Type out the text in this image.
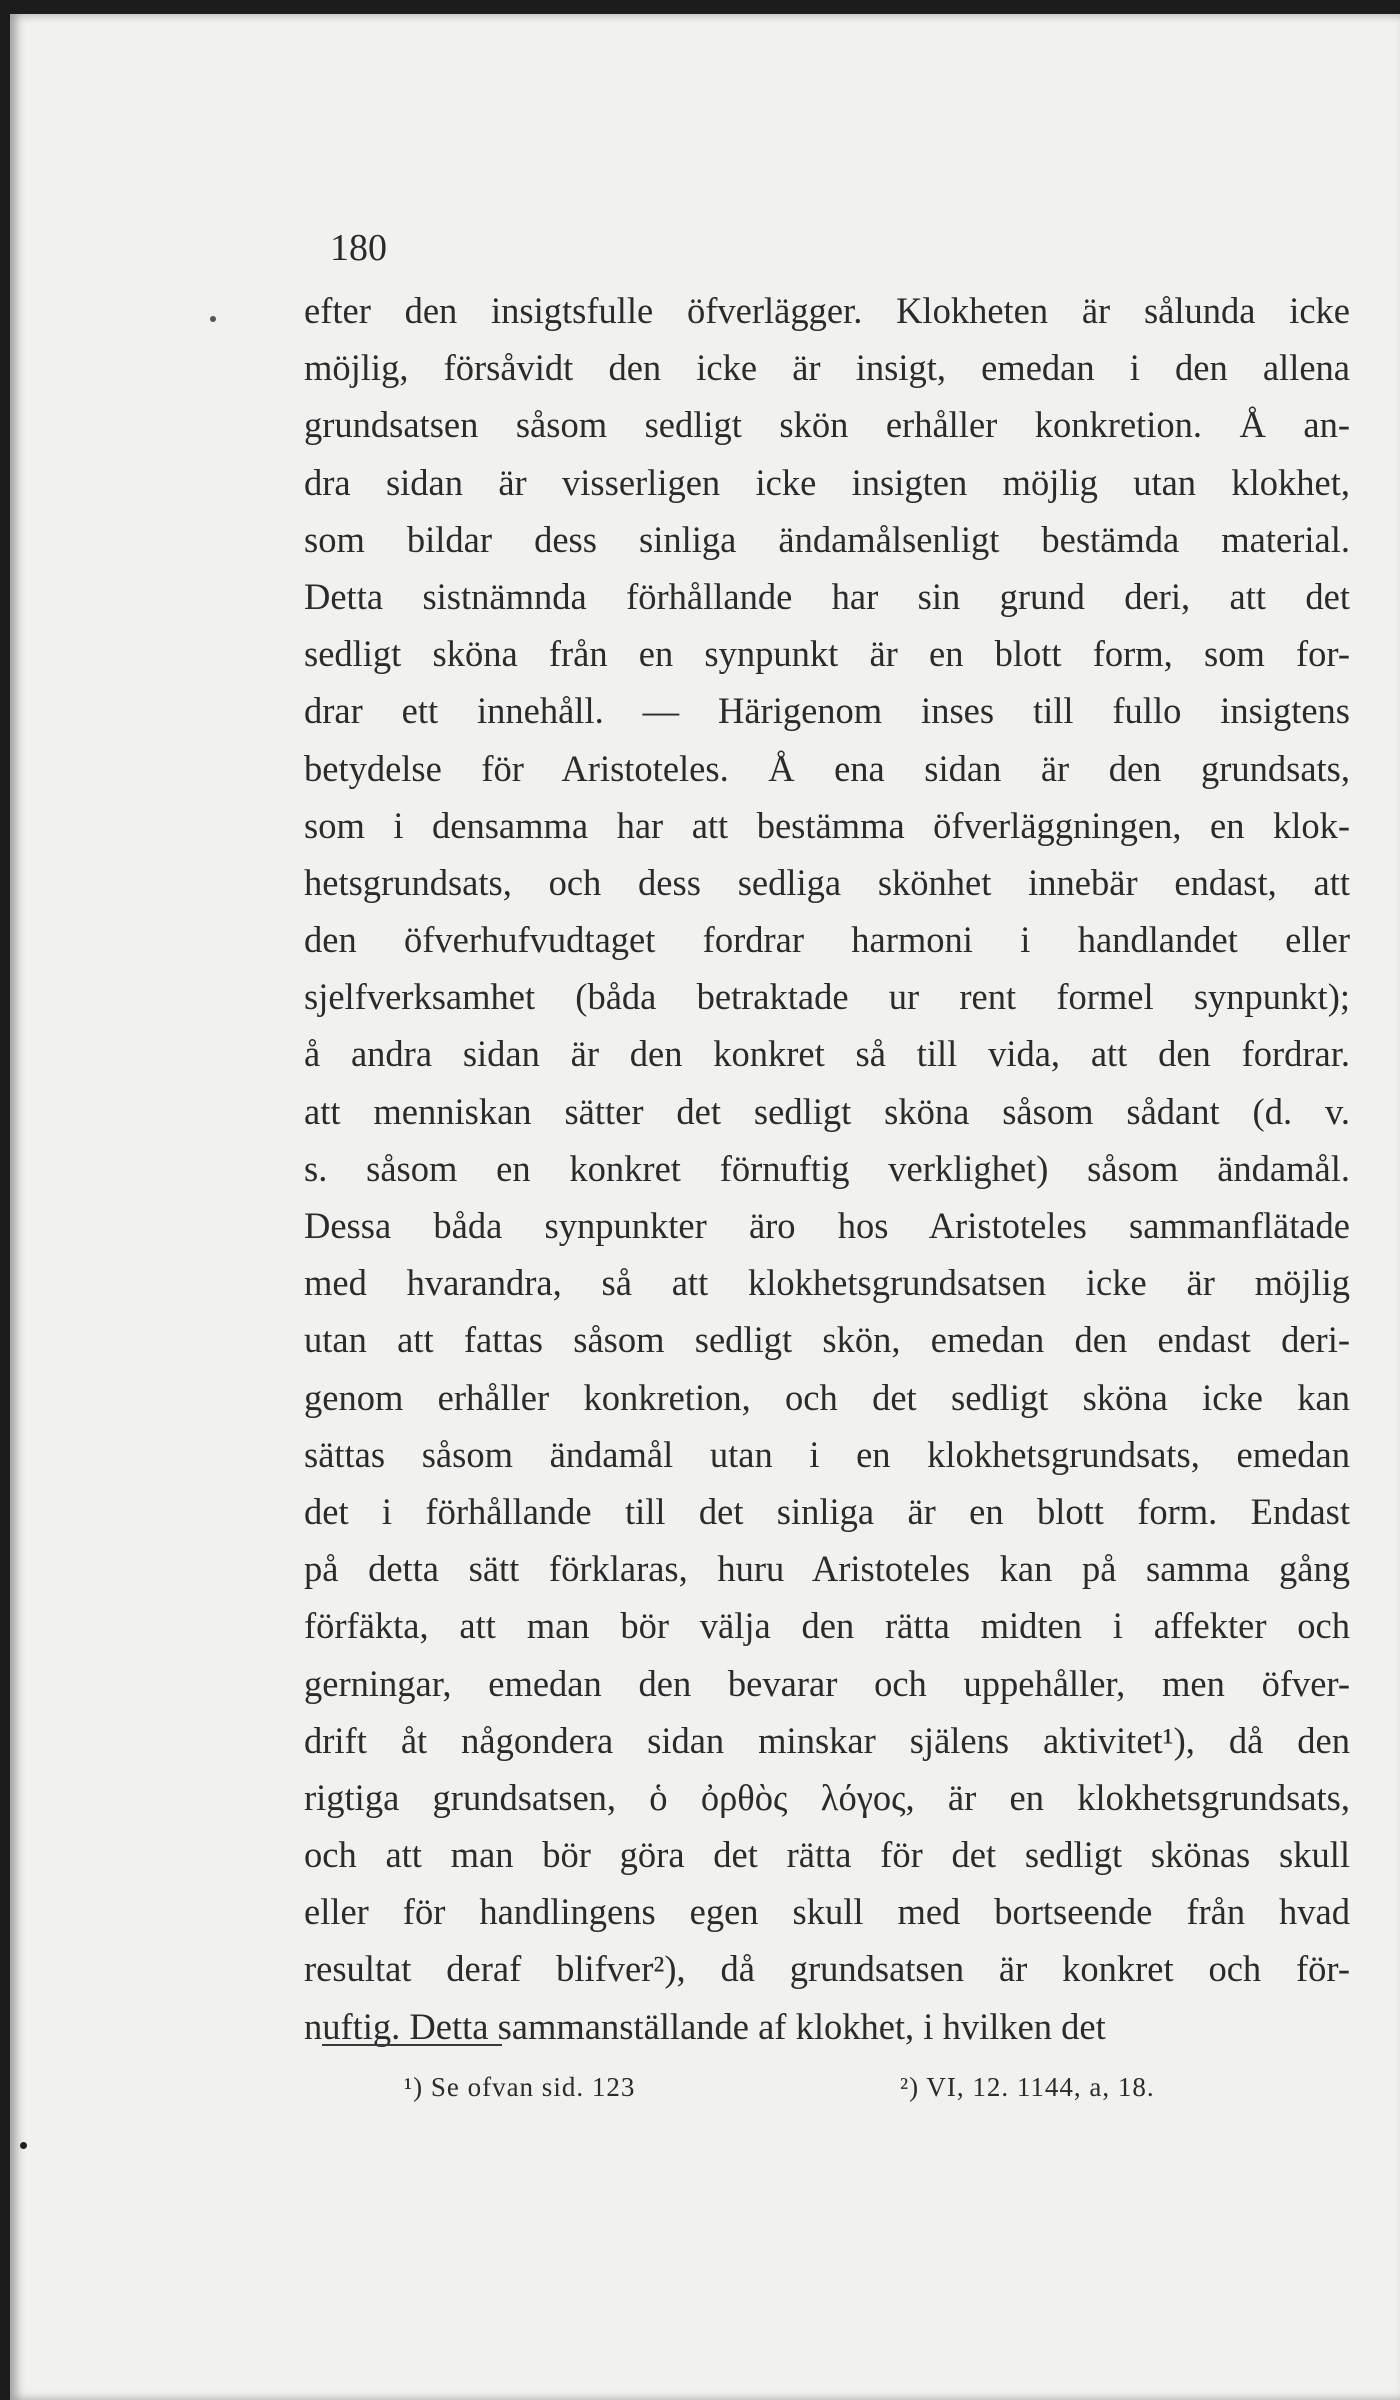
180
efter den insigtsfulle öfverlägger. Klokheten är sålunda icke
möjlig, försåvidt den icke är insigt, emedan i den allena
grundsatsen såsom sedligt skön erhåller konkretion. Å an-
dra sidan är visserligen icke insigten möjlig utan klokhet,
som bildar dess sinliga ändamålsenligt bestämda material.
Detta sistnämnda förhållande har sin grund deri, att det
sedligt sköna från en synpunkt är en blott form, som for-
drar ett innehåll. — Härigenom inses till fullo insigtens
betydelse för Aristoteles. Å ena sidan är den grundsats,
som i densamma har att bestämma öfverläggningen, en klok-
hetsgrundsats, och dess sedliga skönhet innebär endast, att
den öfverhufvudtaget fordrar harmoni i handlandet eller
sjelfverksamhet (båda betraktade ur rent formel synpunkt);
å andra sidan är den konkret så till vida, att den fordrar.
att menniskan sätter det sedligt sköna såsom sådant (d. v.
s. såsom en konkret förnuftig verklighet) såsom ändamål.
Dessa båda synpunkter äro hos Aristoteles sammanflätade
med hvarandra, så att klokhetsgrundsatsen icke är möjlig
utan att fattas såsom sedligt skön, emedan den endast deri-
genom erhåller konkretion, och det sedligt sköna icke kan
sättas såsom ändamål utan i en klokhetsgrundsats, emedan
det i förhållande till det sinliga är en blott form. Endast
på detta sätt förklaras, huru Aristoteles kan på samma gång
förfäkta, att man bör välja den rätta midten i affekter och
gerningar, emedan den bevarar och uppehåller, men öfver-
drift åt någondera sidan minskar själens aktivitet¹), då den
rigtiga grundsatsen, ὁ ὀρθὸς λόγος, är en klokhetsgrundsats,
och att man bör göra det rätta för det sedligt skönas skull
eller för handlingens egen skull med bortseende från hvad
resultat deraf blifver²), då grundsatsen är konkret och för-
nuftig. Detta sammanställande af klokhet, i hvilken det
¹) Se ofvan sid. 123	²) VI, 12. 1144, a, 18.
